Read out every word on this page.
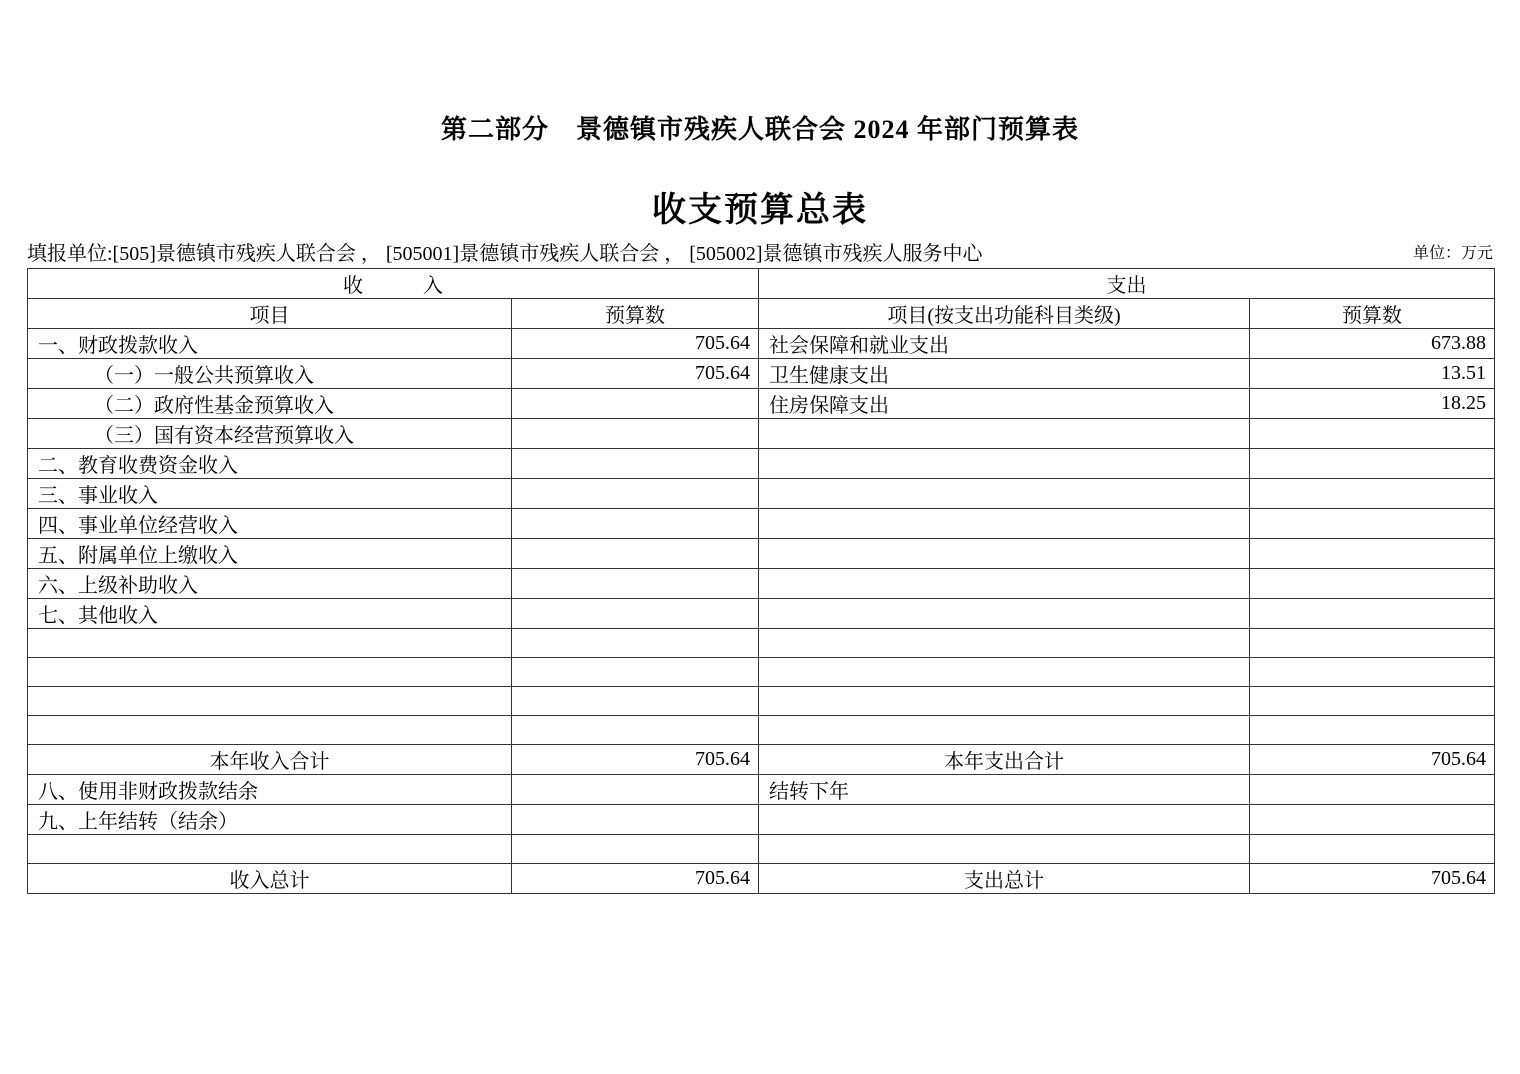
第二部分　景德镇市残疾人联合会 2024 年部门预算表
收支预算总表
填报单位:[505]景德镇市残疾人联合会 ， [505001]景德镇市残疾人联合会 ， [505002]景德镇市残疾人服务中心	单位：万元
收　　　入		支出	
项目	预算数	项目(按支出功能科目类级)	预算数
一、财政拨款收入	705.64	社会保障和就业支出	673.88
（一）一般公共预算收入	705.64	卫生健康支出	13.51
（二）政府性基金预算收入		住房保障支出	18.25
（三）国有资本经营预算收入			
二、教育收费资金收入			
三、事业收入			
四、事业单位经营收入			
五、附属单位上缴收入			
六、上级补助收入			
七、其他收入			

本年收入合计	705.64	本年支出合计	705.64
八、使用非财政拨款结余		结转下年	
九、上年结转（结余）			

收入总计	705.64	支出总计	705.64
